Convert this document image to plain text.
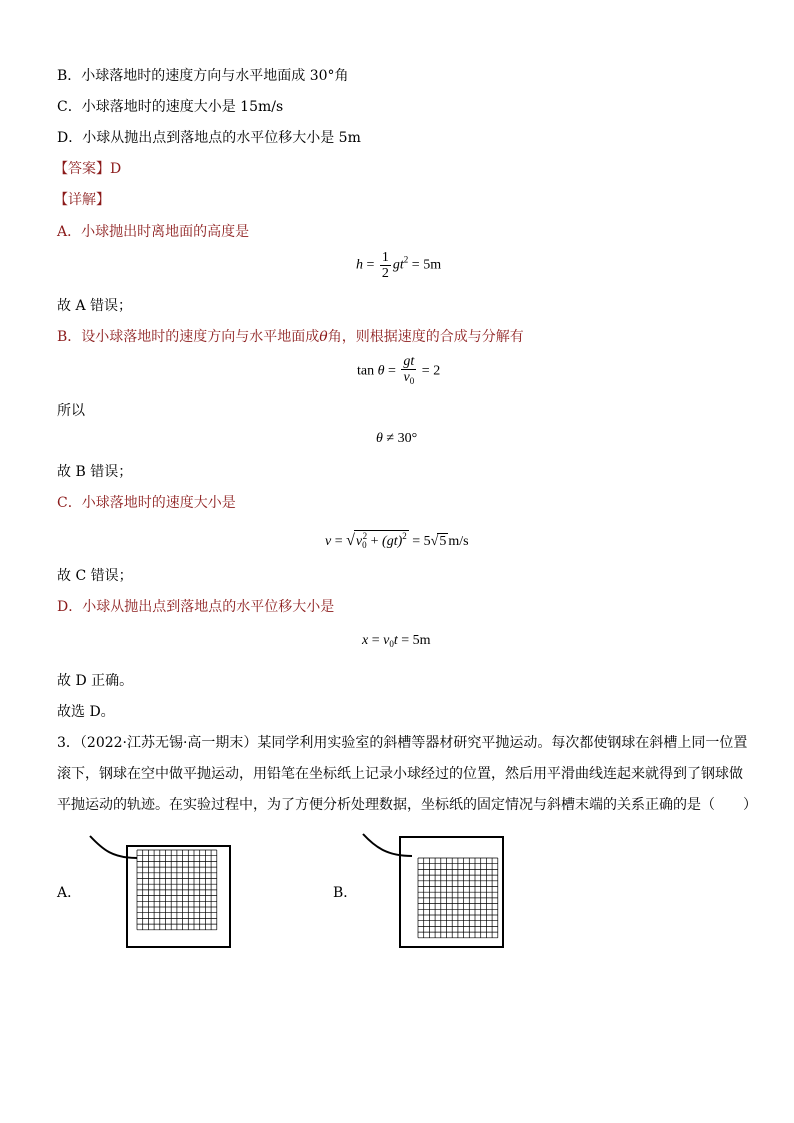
B．小球落地时的速度方向与水平地面成 30°角
C．小球落地时的速度大小是 15m/s
D．小球从抛出点到落地点的水平位移大小是 5m
【答案】D
【详解】
A．小球抛出时离地面的高度是
$h = \frac{1}{2} gt^2 = 5m$
故 A 错误；
B．设小球落地时的速度方向与水平地面成θ角，则根据速度的合成与分解有
$\tan \theta = \frac{gt}{v_0} = 2$
所以
θ ≠ 30°
故 B 错误；
C．小球落地时的速度大小是
$v = √v_0^2 + (gt)^2 = 5√5$ m/s
故 C 错误；
D．小球从抛出点到落地点的水平位移大小是
$x = v_0t = 5m$
故 D 正确。
故选 D。
3．（2022·江苏无锡·高一期末）某同学利用实验室的斜槽等器材研究平抛运动。每次都使钢球在斜槽上同一位置
滚下，钢球在空中做平抛运动，用铅笔在坐标纸上记录小球经过的位置，然后用平滑曲线连起来就得到了钢球做
平抛运动的轨迹。在实验过程中，为了方便分析处理数据，坐标纸的固定情况与斜槽末端的关系正确的是（　　）
A．	B．
